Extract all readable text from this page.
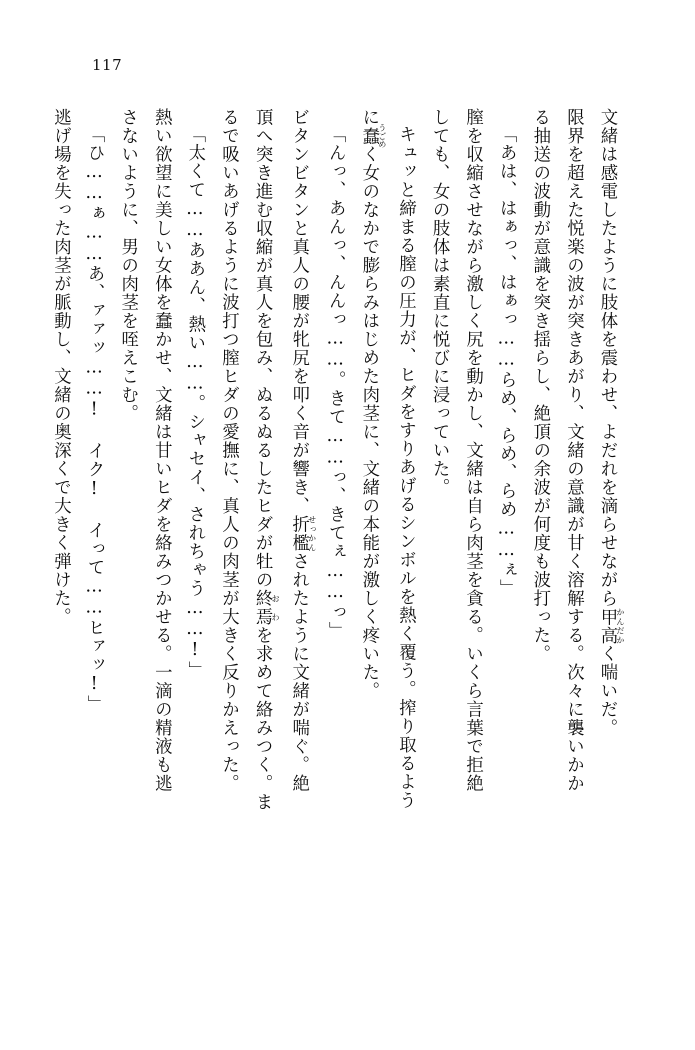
117
文緒は感電したように肢体を震わせ、よだれを滴らせながら甲高 かんだかく喘いだ。
限界を超えた悦楽の波が突きあがり、文緒の意識が甘く溶解する。次々に襲いかか
る抽送の波動が意識を突き揺らし、絶頂の余波が何度も波打った。
「あは、はぁっ、はぁっ……らめ、らめ、らめ……ぇ」
膣を収縮させながら激しく尻を動かし、文緒は自ら肉茎を貪る。いくら言葉で拒絶
しても、女の肢体は素直に悦びに浸っていた。
キュッと締まる膣の圧力が、ヒダをすりあげるシンボルを熱く覆う。搾り取るよう
に蠢 うごめく女のなかで膨らみはじめた肉茎に、文緒の本能が激しく疼いた。
「んっ、あんっ、んんっ……。きて……っ、きてぇ……っ」
ビタンビタンと真人の腰が牝尻を叩く音が響き、折檻 せっかんされたように文緒が喘ぐ。絶
頂へ突き進む収縮が真人を包み、ぬるぬるしたヒダが牡の終焉 おわを求めて絡みつく。ま
るで吸いあげるように波打つ膣ヒダの愛撫に、真人の肉茎が大きく反りかえった。
「太くて……ああん、熱い……。シャセイ、されちゃう……!」
熱い欲望に美しい女体を蠢かせ、文緒は甘いヒダを絡みつかせる。一滴の精液も逃
さないように、男の肉茎を咥えこむ。
「ひ……ぁ……あ、ァァッ……! イク! イって……ヒァッ!」
逃げ場を失った肉茎が脈動し、文緒の奥深くで大きく弾けた。
